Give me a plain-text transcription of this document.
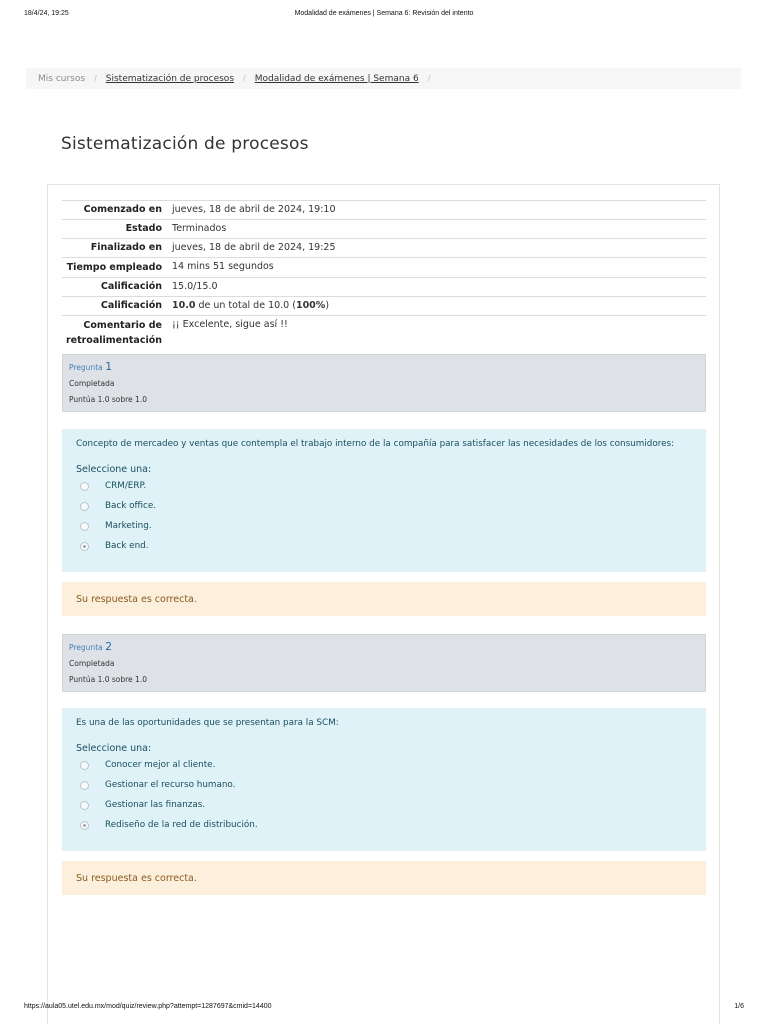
18/4/24, 19:25	Modalidad de exámenes | Semana 6: Revisión del intento
Mis cursos / Sistematización de procesos / Modalidad de exámenes | Semana 6 /
Sistematización de procesos
Comenzado en	jueves, 18 de abril de 2024, 19:10
Estado	Terminados
Finalizado en	jueves, 18 de abril de 2024, 19:25
Tiempo empleado	14 mins 51 segundos
Calificación	15.0/15.0
Calificación	10.0 de un total de 10.0 (100%)
Comentario de retroalimentación	¡¡ Excelente, sigue así !!
Pregunta 1
Completada
Puntúa 1.0 sobre 1.0
Concepto de mercadeo y ventas que contempla el trabajo interno de la compañía para satisfacer las necesidades de los consumidores:
Seleccione una:
CRM/ERP.
Back office.
Marketing.
Back end.
Su respuesta es correcta.
Pregunta 2
Completada
Puntúa 1.0 sobre 1.0
Es una de las oportunidades que se presentan para la SCM:
Seleccione una:
Conocer mejor al cliente.
Gestionar el recurso humano.
Gestionar las finanzas.
Rediseño de la red de distribución.
Su respuesta es correcta.
https://aula05.utel.edu.mx/mod/quiz/review.php?attempt=1287697&cmid=14400	1/6
